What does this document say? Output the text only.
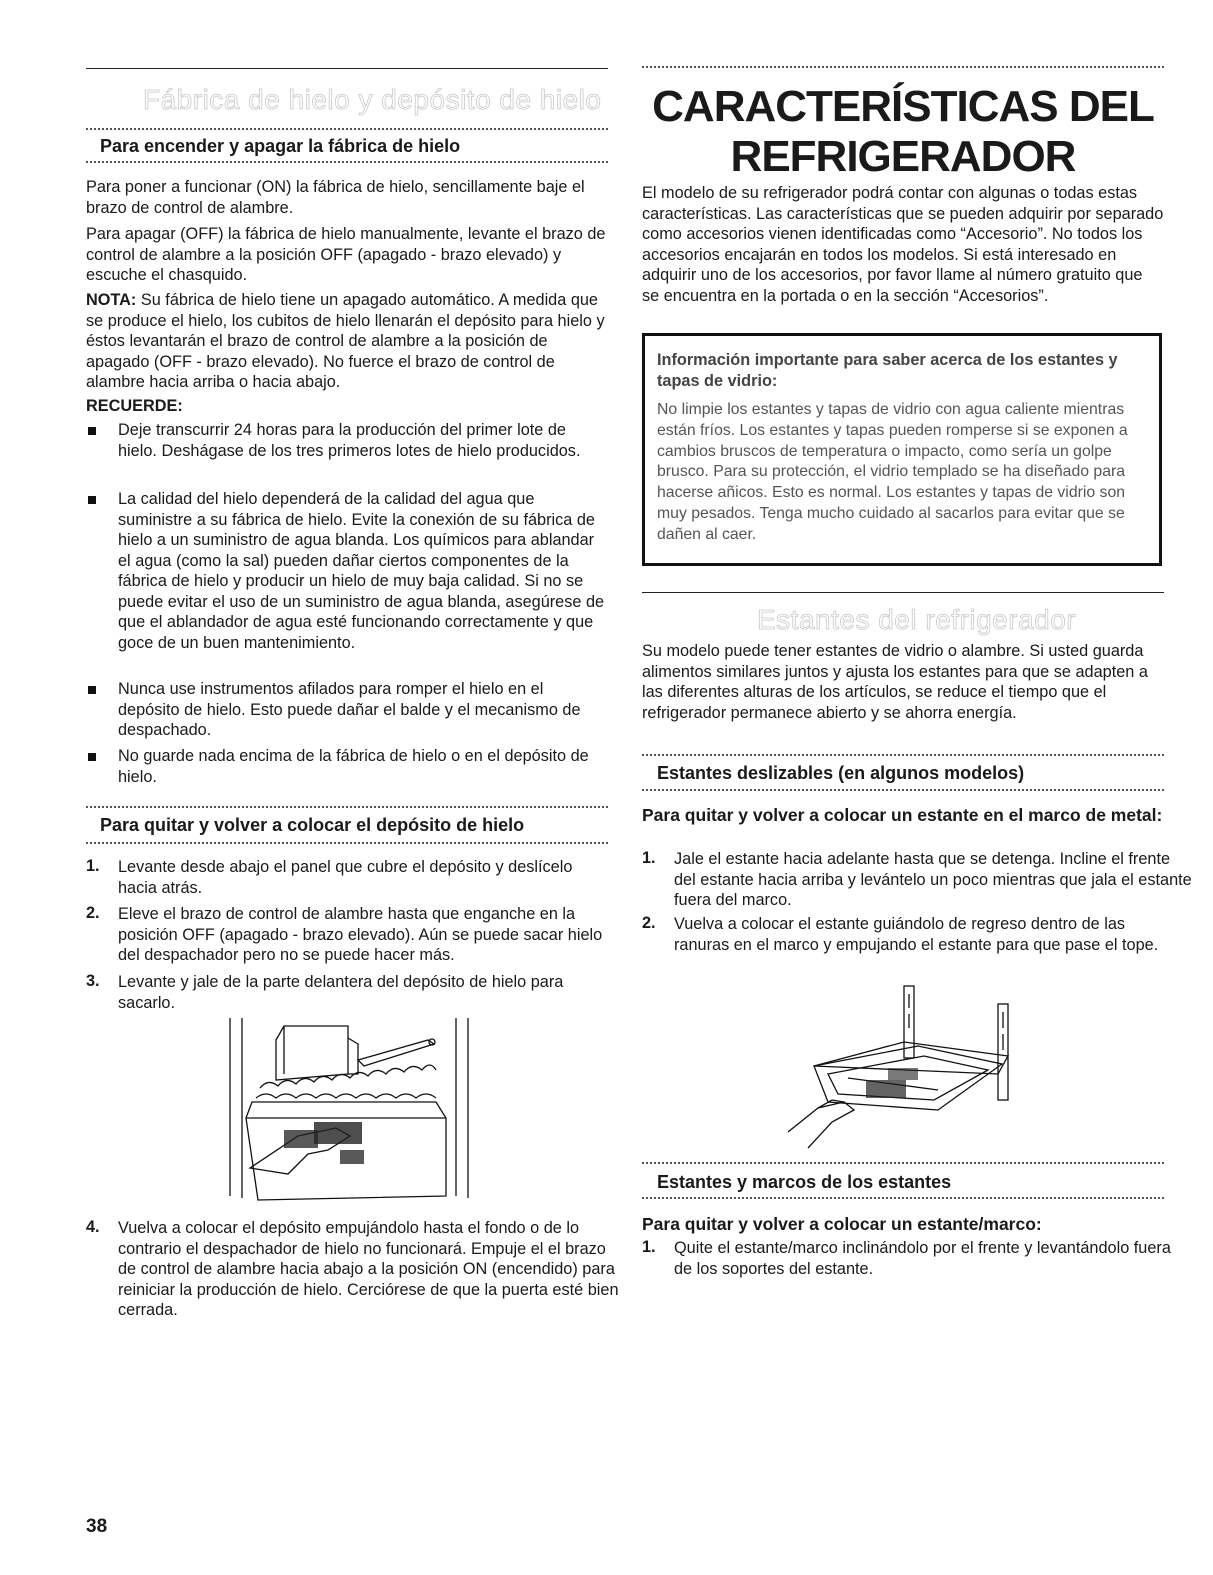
Fábrica de hielo y depósito de hielo
Para encender y apagar la fábrica de hielo

Para poner a funcionar (ON) la fábrica de hielo, sencillamente baje el brazo de control de alambre.

Para apagar (OFF) la fábrica de hielo manualmente, levante el brazo de control de alambre a la posición OFF (apagado - brazo elevado) y escuche el chasquido.

NOTA: Su fábrica de hielo tiene un apagado automático. A medida que se produce el hielo, los cubitos de hielo llenarán el depósito para hielo y éstos levantarán el brazo de control de alambre a la posición de apagado (OFF - brazo elevado). No fuerce el brazo de control de alambre hacia arriba o hacia abajo.

RECUERDE:

Deje transcurrir 24 horas para la producción del primer lote de hielo. Deshágase de los tres primeros lotes de hielo producidos.

La calidad del hielo dependerá de la calidad del agua que suministre a su fábrica de hielo. Evite la conexión de su fábrica de hielo a un suministro de agua blanda. Los químicos para ablandar el agua (como la sal) pueden dañar ciertos componentes de la fábrica de hielo y producir un hielo de muy baja calidad. Si no se puede evitar el uso de un suministro de agua blanda, asegúrese de que el ablandador de agua esté funcionando correctamente y que goce de un buen mantenimiento.

Nunca use instrumentos afilados para romper el hielo en el depósito de hielo. Esto puede dañar el balde y el mecanismo de despachado.

No guarde nada encima de la fábrica de hielo o en el depósito de hielo.

Para quitar y volver a colocar el depósito de hielo
1. Levante desde abajo el panel que cubre el depósito y deslícelo hacia atrás.

2. Eleve el brazo de control de alambre hasta que enganche en la posición OFF (apagado - brazo elevado). Aún se puede sacar hielo del despachador pero no se puede hacer más.

3. Levante y jale de la parte delantera del depósito de hielo para sacarlo.

4. Vuelva a colocar el depósito empujándolo hasta el fondo o de lo contrario el despachador de hielo no funcionará. Empuje el el brazo de control de alambre hacia abajo a la posición ON (encendido) para reiniciar la producción de hielo. Cerciórese de que la puerta esté bien cerrada.

38
CARACTERÍSTICAS DEL
REFRIGERADOR

El modelo de su refrigerador podrá contar con algunas o todas estas características. Las características que se pueden adquirir por separado como accesorios vienen identificadas como “Accesorio”. No todos los accesorios encajarán en todos los modelos. Si está interesado en adquirir uno de los accesorios, por favor llame al número gratuito que se encuentra en la portada o en la sección “Accesorios”.

Información importante para saber acerca de los estantes y tapas de vidrio:
No limpie los estantes y tapas de vidrio con agua caliente mientras están fríos. Los estantes y tapas pueden romperse si se exponen a cambios bruscos de temperatura o impacto, como sería un golpe brusco. Para su protección, el vidrio templado se ha diseñado para hacerse añicos. Esto es normal. Los estantes y tapas de vidrio son muy pesados. Tenga mucho cuidado al sacarlos para evitar que se dañen al caer.
Estantes del refrigerador

Su modelo puede tener estantes de vidrio o alambre. Si usted guarda alimentos similares juntos y ajusta los estantes para que se adapten a las diferentes alturas de los artículos, se reduce el tiempo que el refrigerador permanece abierto y se ahorra energía.

Estantes deslizables (en algunos modelos)
Para quitar y volver a colocar un estante en el marco de metal:
1. Jale el estante hacia adelante hasta que se detenga. Incline el frente del estante hacia arriba y levántelo un poco mientras que jala el estante fuera del marco.

2. Vuelva a colocar el estante guiándolo de regreso dentro de las ranuras en el marco y empujando el estante para que pase el tope.

Estantes y marcos de los estantes
Para quitar y volver a colocar un estante/marco:
1. Quite el estante/marco inclinándolo por el frente y levantándolo fuera de los soportes del estante.
